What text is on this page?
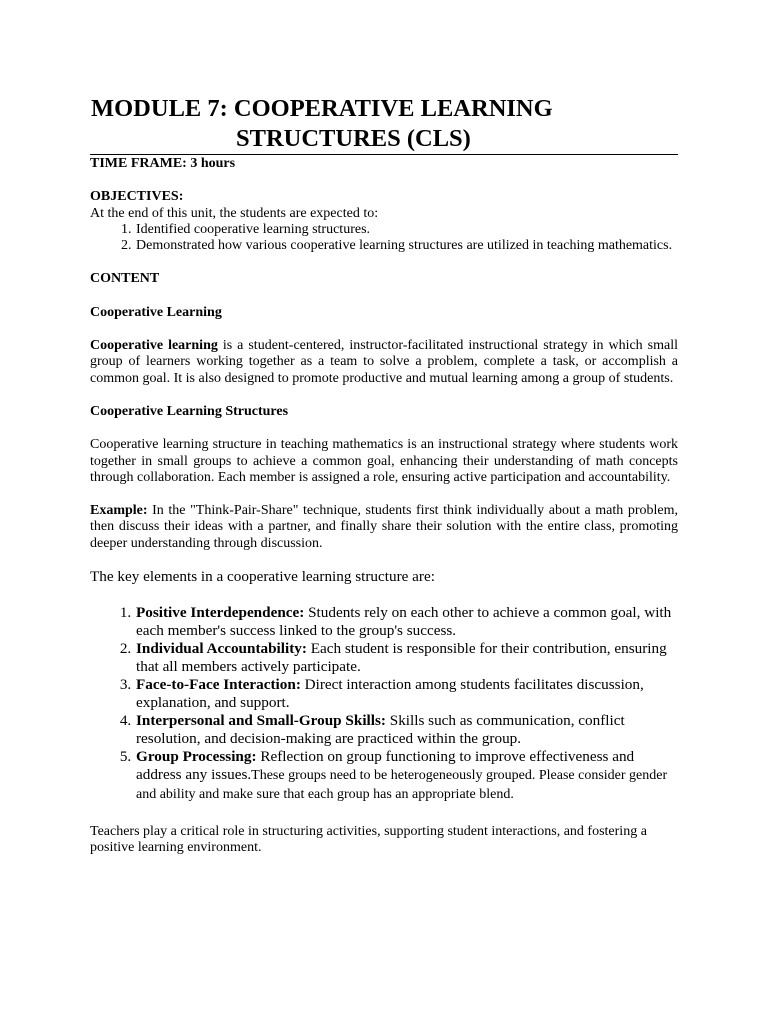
MODULE 7: COOPERATIVE LEARNING
STRUCTURES (CLS)
TIME FRAME: 3 hours
OBJECTIVES:
At the end of this unit, the students are expected to:
1. Identified cooperative learning structures.
2. Demonstrated how various cooperative learning structures are utilized in teaching mathematics.
CONTENT
Cooperative Learning

Cooperative learning is a student-centered, instructor-facilitated instructional strategy in which small group of learners working together as a team to solve a problem, complete a task, or accomplish a common goal. It is also designed to promote productive and mutual learning among a group of students.

Cooperative Learning Structures

Cooperative learning structure in teaching mathematics is an instructional strategy where students work together in small groups to achieve a common goal, enhancing their understanding of math concepts through collaboration. Each member is assigned a role, ensuring active participation and accountability.

Example: In the "Think-Pair-Share" technique, students first think individually about a math problem, then discuss their ideas with a partner, and finally share their solution with the entire class, promoting deeper understanding through discussion.

The key elements in a cooperative learning structure are:
1. Positive Interdependence: Students rely on each other to achieve a common goal, with each member's success linked to the group's success.
2. Individual Accountability: Each student is responsible for their contribution, ensuring that all members actively participate.
3. Face-to-Face Interaction: Direct interaction among students facilitates discussion, explanation, and support.
4. Interpersonal and Small-Group Skills: Skills such as communication, conflict resolution, and decision-making are practiced within the group.
5. Group Processing: Reflection on group functioning to improve effectiveness and address any issues.These groups need to be heterogeneously grouped. Please consider gender and ability and make sure that each group has an appropriate blend.

Teachers play a critical role in structuring activities, supporting student interactions, and fostering a positive learning environment.
